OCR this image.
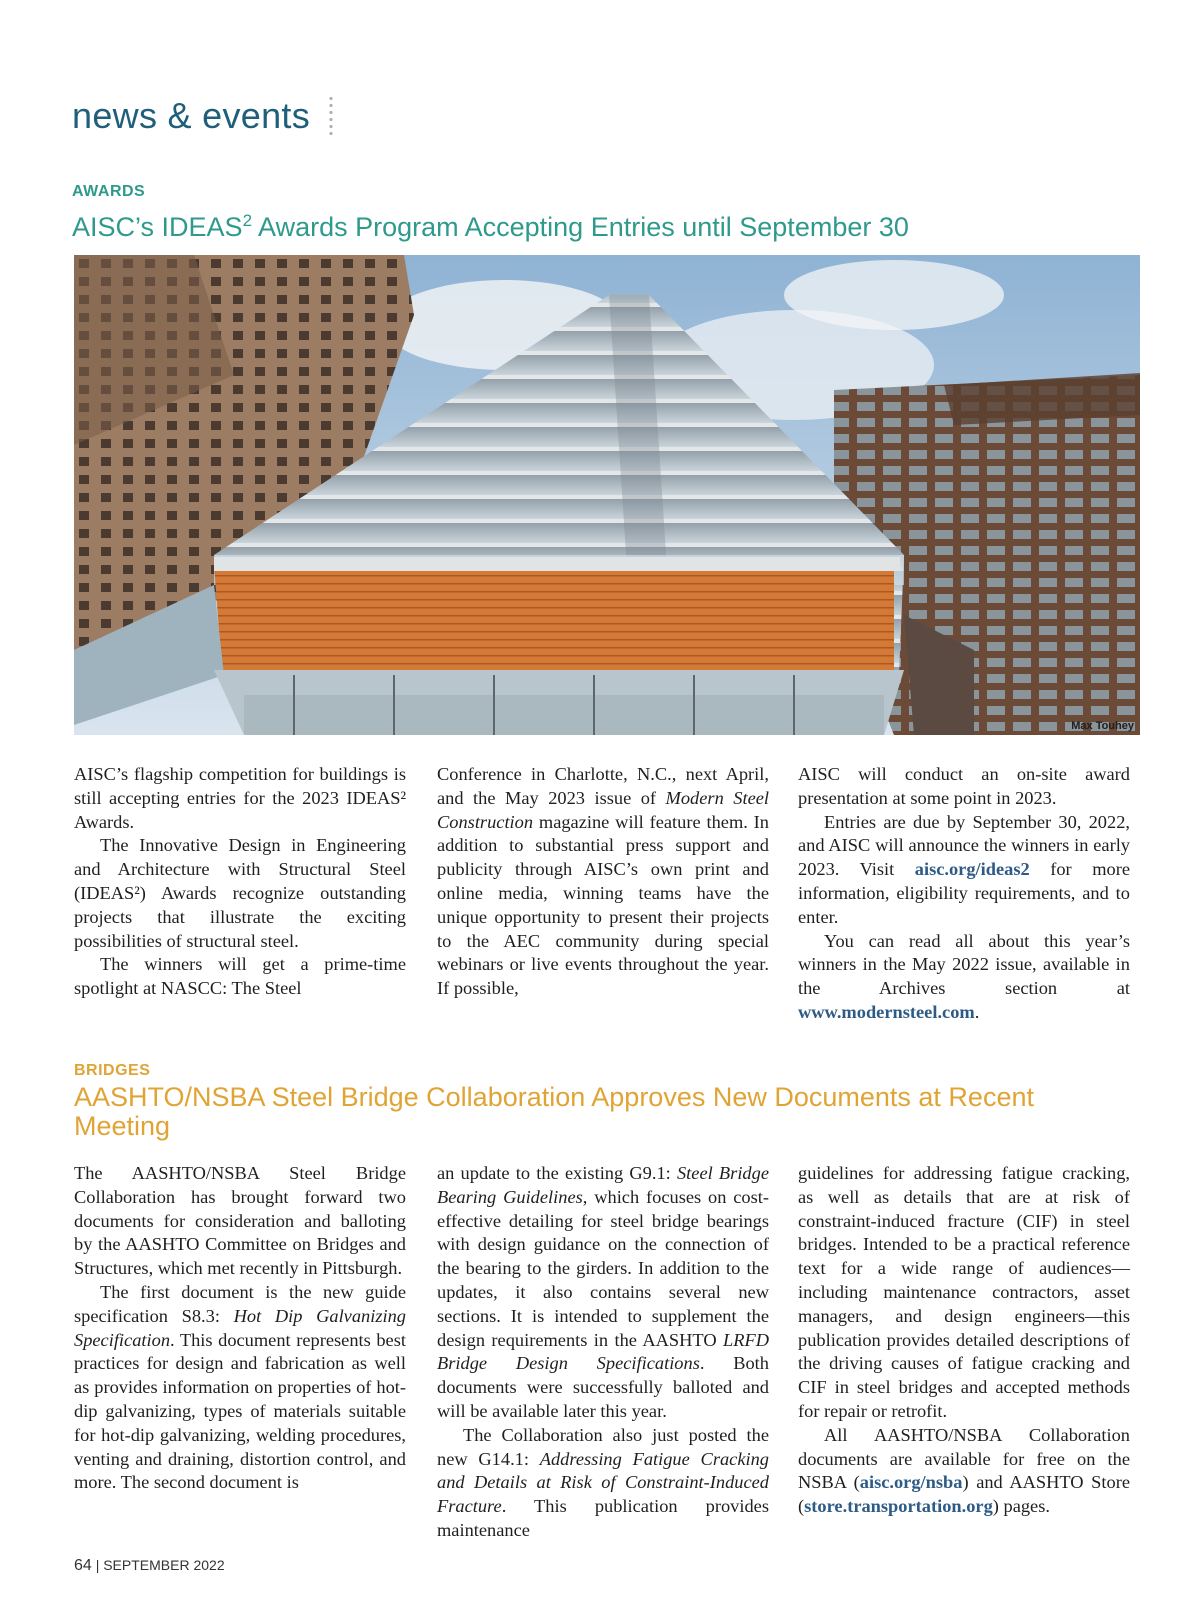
news & events
AWARDS
AISC’s IDEAS$^2$ Awards Program Accepting Entries until September 30
Max Touhey

AISC’s flagship competition for buildings is still accepting entries for the 2023 IDEAS² Awards.

The Innovative Design in Engineering and Architecture with Structural Steel (IDEAS²) Awards recognize outstanding projects that illustrate the exciting possibilities of structural steel.

The winners will get a prime-time spotlight at NASCC: The Steel

Conference in Charlotte, N.C., next April, and the May 2023 issue of Modern Steel Construction magazine will feature them. In addition to substantial press support and publicity through AISC’s own print and online media, winning teams have the unique opportunity to present their projects to the AEC community during special webinars or live events throughout the year. If possible,

AISC will conduct an on-site award presentation at some point in 2023.

Entries are due by September 30, 2022, and AISC will announce the winners in early 2023. Visit aisc.org/ideas2 for more information, eligibility requirements, and to enter.

You can read all about this year’s winners in the May 2022 issue, available in the Archives section at www.modernsteel.com.

BRIDGES
AASHTO/NSBA Steel Bridge Collaboration Approves New Documents at Recent Meeting

The AASHTO/NSBA Steel Bridge Collaboration has brought forward two documents for consideration and balloting by the AASHTO Committee on Bridges and Structures, which met recently in Pittsburgh.

The first document is the new guide specification S8.3: Hot Dip Galvanizing Specification. This document represents best practices for design and fabrication as well as provides information on properties of hot-dip galvanizing, types of materials suitable for hot-dip galvanizing, welding procedures, venting and draining, distortion control, and more. The second document is

an update to the existing G9.1: Steel Bridge Bearing Guidelines, which focuses on cost-effective detailing for steel bridge bearings with design guidance on the connection of the bearing to the girders. In addition to the updates, it also contains several new sections. It is intended to supplement the design requirements in the AASHTO LRFD Bridge Design Specifications. Both documents were successfully balloted and will be available later this year.

The Collaboration also just posted the new G14.1: Addressing Fatigue Cracking and Details at Risk of Constraint-Induced Fracture. This publication provides maintenance

guidelines for addressing fatigue cracking, as well as details that are at risk of constraint-induced fracture (CIF) in steel bridges. Intended to be a practical reference text for a wide range of audiences—including maintenance contractors, asset managers, and design engineers—this publication provides detailed descriptions of the driving causes of fatigue cracking and CIF in steel bridges and accepted methods for repair or retrofit.

All AASHTO/NSBA Collaboration documents are available for free on the NSBA (aisc.org/nsba) and AASHTO Store (store.transportation.org) pages.

64 | SEPTEMBER 2022
